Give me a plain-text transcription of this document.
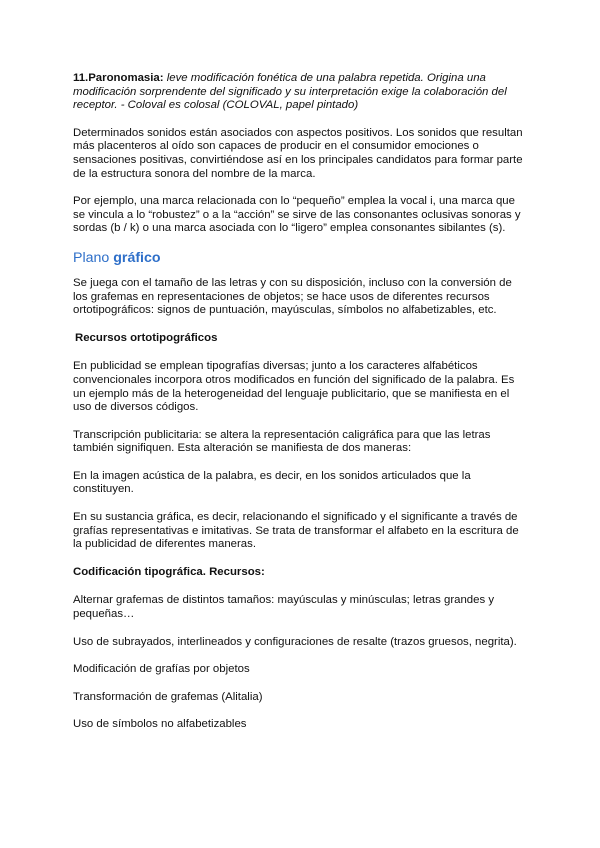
11.Paronomasia: leve modificación fonética de una palabra repetida. Origina una modificación sorprendente del significado y su interpretación exige la colaboración del receptor. - Coloval es colosal (COLOVAL, papel pintado)

Determinados sonidos están asociados con aspectos positivos. Los sonidos que resultan más placenteros al oído son capaces de producir en el consumidor emociones o sensaciones positivas, convirtiéndose así en los principales candidatos para formar parte de la estructura sonora del nombre de la marca.

Por ejemplo, una marca relacionada con lo “pequeño” emplea la vocal i, una marca que se vincula a lo “robustez” o a la “acción” se sirve de las consonantes oclusivas sonoras y sordas (b / k) o una marca asociada con lo “ligero” emplea consonantes sibilantes (s).

Plano gráfico

Se juega con el tamaño de las letras y con su disposición, incluso con la conversión de los grafemas en representaciones de objetos; se hace usos de diferentes recursos ortotipográficos: signos de puntuación, mayúsculas, símbolos no alfabetizables, etc.

Recursos ortotipográficos

En publicidad se emplean tipografías diversas; junto a los caracteres alfabéticos convencionales incorpora otros modificados en función del significado de la palabra. Es un ejemplo más de la heterogeneidad del lenguaje publicitario, que se manifiesta en el uso de diversos códigos.

Transcripción publicitaria: se altera la representación caligráfica para que las letras también signifiquen. Esta alteración se manifiesta de dos maneras:

En la imagen acústica de la palabra, es decir, en los sonidos articulados que la constituyen.

En su sustancia gráfica, es decir, relacionando el significado y el significante a través de grafías representativas e imitativas. Se trata de transformar el alfabeto en la escritura de la publicidad de diferentes maneras.

Codificación tipográfica. Recursos:

Alternar grafemas de distintos tamaños: mayúsculas y minúsculas; letras grandes y pequeñas…

Uso de subrayados, interlineados y configuraciones de resalte (trazos gruesos, negrita).

Modificación de grafías por objetos

Transformación de grafemas (Alitalia)

Uso de símbolos no alfabetizables
